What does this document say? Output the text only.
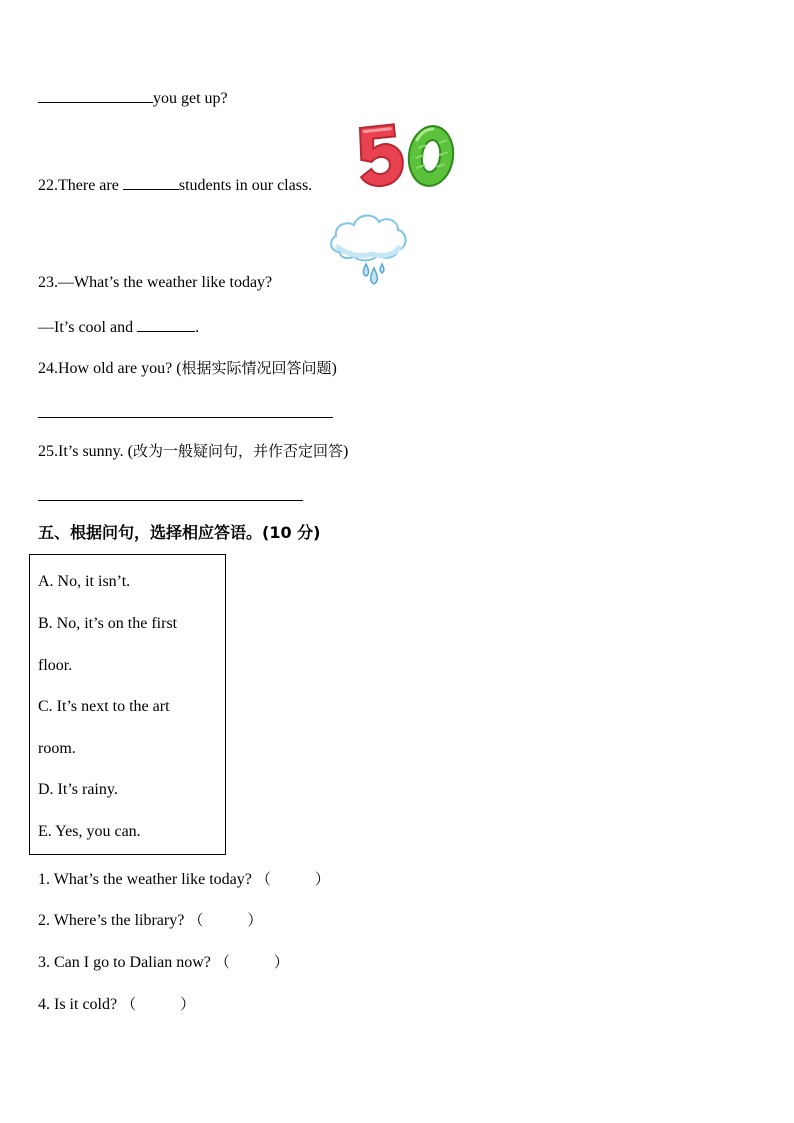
you get up?
22.There are	students in our class.
23.—What’s the weather like today?
—It’s cool and	.
24.How old are you? (根据实际情况回答问题)
25.It’s sunny. (改为一般疑问句，并作否定回答)
五、根据问句，选择相应答语。(10 分)
A. No, it isn’t.
B. No, it’s on the first
floor.
C. It’s next to the art
room.
D. It’s rainy.
E. Yes, you can.
1. What’s the weather like today? （	）
2. Where’s the library? （	）
3. Can I go to Dalian now? （	）
4. Is it cold? （	）
